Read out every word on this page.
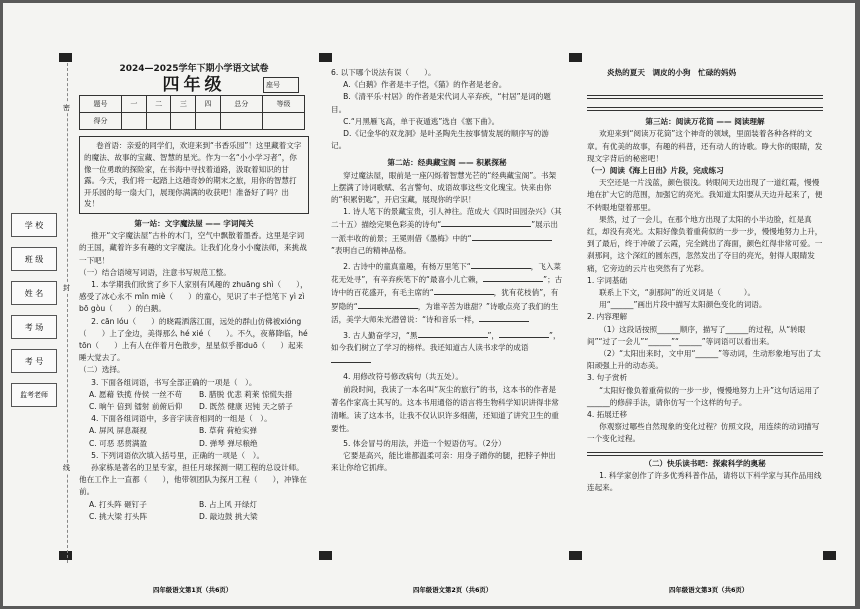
学 校
班 级
姓 名
考 场
考 号
监考老师
密
封
线

2024—2025学年下期小学语文试卷

四年级	座号
题号	一	二	三	四	总分	等级
得分						
卷首语：亲爱的同学们，欢迎来到“书香乐园”！这里藏着文字的魔法、故事的宝藏、智慧的星光。作为一名“小小学习者”，你像一位勇敢的探险家，在书海中寻找着道路，汲取着知识的甘露。今天，我们将一起踏上这趟奇妙的期末之旅，用你的智慧打开乐园的每一扇大门，展现你满满的收获吧！准备好了吗？出发！

第一站：文字魔法屋 —— 字词闯关

推开“文字魔法屋”古朴的木门，空气中飘散着墨香。这里是字词的王国，藏着许多有趣的文字魔法。让我们化身小小魔法师，来挑战一下吧！

（一）结合语境写词语，注意书写规范工整。

1. 本学期我们欣赏了乡下人家别有风趣的 zhuāng shì（　　），感受了冰心永不 mǐn miè（　　）的童心，见识了丰子恺笔下 yì zì bō gòu（　　）的白鹅。

2. cān lóu（　　）的晓霞洒落江面，远处的群山仿佛被xióng（　　）上了金边，美得那么 hé xié（　　）。不久，夜幕降临，hé tōn（　　）上有人在伴着月色散步，星星似乎都duō（　　）起来睡大觉去了。

（二）选择。

3. 下面各组词语，书写全部正确的一项是（　）。

A. 愿藉 铁揽 侍侯 一丝不苟	B. 腊脱 优悲 莉莱 惊慌失措
C. 晌午 倍到 镭射 前俯后仰	D. 既然 健康 迟钝 天之骄子

4. 下面各组词语中，多音字读音相同的一组是（　）。

A. 屏风 屏息凝视	B. 草荷 荷枪实弹
C. 可恶 恶贯满盈	D. 弹琴 弹尽粮绝

5. 下列词语依次填入括号里，正确的一项是（　）。

孙家栋是著名的卫星专家，担任月球探测一期工程的总设计师。他在工作上一直都（　　），他带领团队为探月工程（　　），冲锋在前。

A. 打头阵 砸钉子	B. 占上风 开绿灯
C. 挑大梁 打头阵	D. 敲边鼓 挑大梁
四年级语文第1页（共6页）

6. 以下哪个说法有误（　　）。

A.《白鹅》作者是丰子恺，《猫》的作者是老舍。

B.《清平乐·村居》的作者是宋代词人辛弃疾，“村居”是词的题目。

C.“月黑雁飞高，单于夜遁逃”选自《塞下曲》。

D.《记金华的双龙洞》是叶圣陶先生按事情发展的顺序写的游记。

第二站：经典藏宝阁 —— 积累探秘

穿过魔法屋，眼前是一座闪烁着智慧光芒的“经典藏宝阁”。书架上摆满了诗词歌赋、名言警句、成语故事这些文化瑰宝。快来由你的“积累钥匙”，开启宝藏，展现你的学识！

1. 诗人笔下的景藏宝贵，引人神往。范成大《四时田园杂兴》（其二十五）描绘完果色彩美的诗句“	”展示出一派丰收的前景；王冕则借《墨梅》中的“”表明自己的精神品格。

2. 古诗中的童真童趣，有杨万里笔下“	，飞入菜花无处寻”，有辛弃疾笔下的“最喜小儿亡赖，	”；古诗中的百花盛开，有毛主席的“	，犹有花枝俏”，有罗隐的“	，为谁辛苦为谁甜？”诗歌点亮了我们的生活，美学大师朱光潜曾说：“诗和音乐一样，

3. 古人勤奋学习，“黑	”，	”，如今我们树立了学习的榜样。我还知道古人读书求学的成语

4. 用修改符号修改病句（共五处）。

前段时间，我读了一本名叫“灰尘的旅行”的书，这本书的作者是著名作家高士其写的。这本书用通俗的语言将生物科学知识讲得非常清晰。读了这本书，让我不仅认识许多细菌，还知道了讲究卫生的重要性。

5. 体会冒号的用法，并造一个短语仿写。（2分）

它要是高兴，能比谁都温柔可亲：用身子蹭你的腿，把脖子伸出来让你给它抓痒。

四年级语文第2页（共6页）

炎热的夏天　调皮的小狗　忙碌的妈妈

第三站：阅读万花筒 —— 阅读理解

欢迎来到“阅读万花筒”这个神奇的领域，里面装着各种各样的文章。有优美的故事，有趣的科普，还有动人的诗歌。睁大你的眼睛，发现文字背后的秘密吧！

（一）阅读《海上日出》片段，完成练习

天空还是一片浅蓝，颜色很浅。转眼间天边出现了一道红霞，慢慢地在扩大它的范围，加强它的亮光。我知道太阳要从天边升起来了，便不转眼地望着那里。

果然，过了一会儿，在那个地方出现了太阳的小半边脸，红是真红，却没有亮光。太阳好像负着重荷似的一步一步，慢慢地努力上升，到了最后，终于冲破了云霞，完全跳出了海面，颜色红得非常可爱。一刹那间，这个深红的圆东西，忽然发出了夺目的亮光，射得人眼睛发痛，它旁边的云片也突然有了光彩。

1. 字词基础

联系上下文，“刹那间”的近义词是（　　　）。

用“______”画出片段中描写太阳颜色变化的词语。

2. 内容理解

（1）这段话按照______顺序，描写了______的过程，从“转眼间”“过了一会儿”“______”“______”等词语可以看出来。

（2）“太阳出来时，文中用“______”等动词，生动形象地写出了太阳顽强上升的动态美。

3. 句子赏析

“太阳好像负着重荷似的一步一步，慢慢地努力上升”这句话运用了______的修辞手法，请你仿写一个这样的句子。

4. 拓展迁移

你观察过哪些自然现象的变化过程？仿照文段，用连续的动词描写一个变化过程。

（二）快乐读书吧：探索科学的奥秘

1. 科学家创作了许多优秀科普作品，请将以下科学家与其作品用线连起来。

四年级语文第3页（共6页）
